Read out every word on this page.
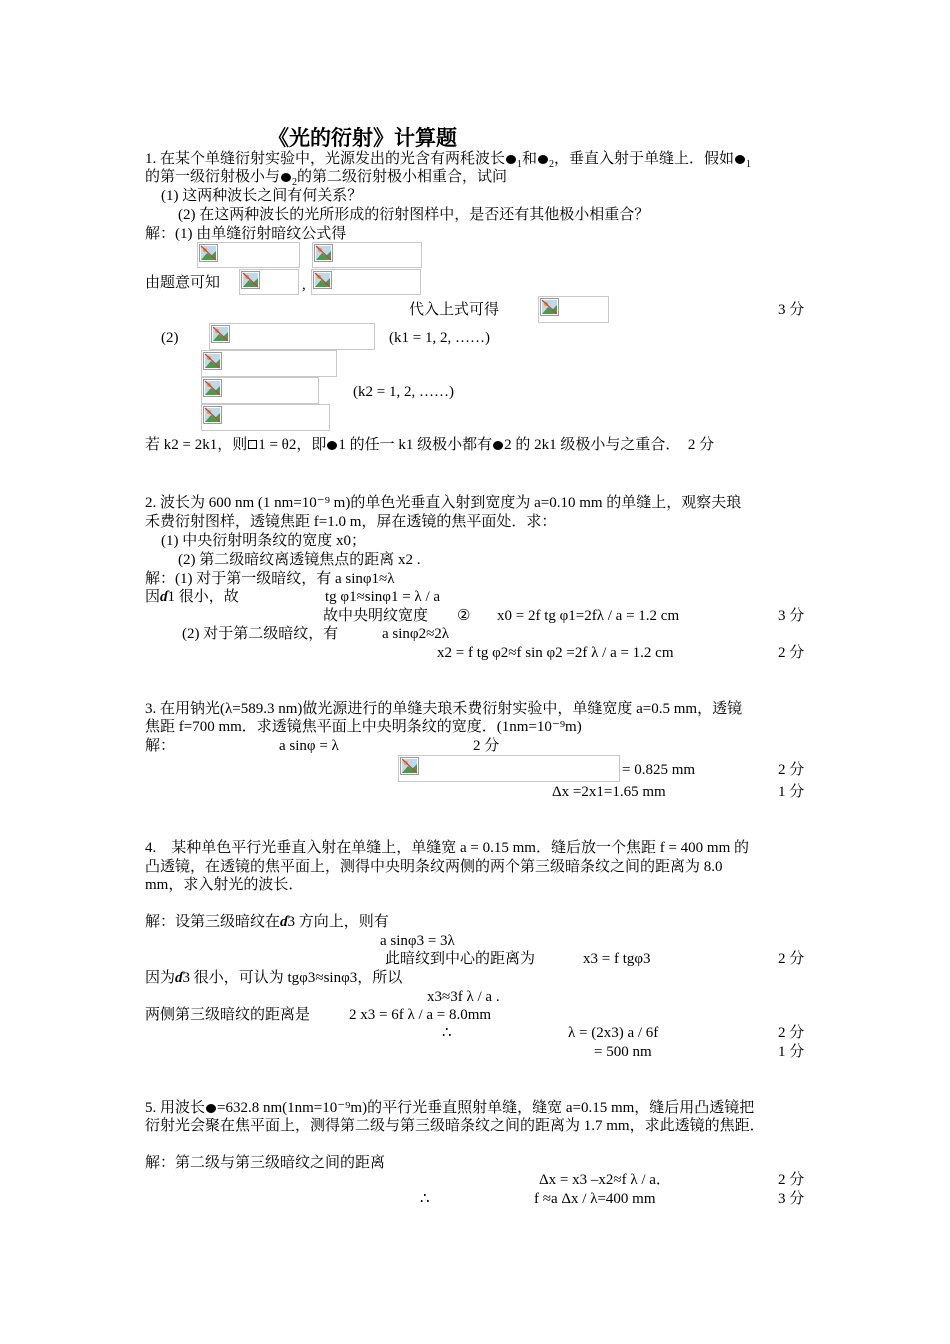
《光的衍射》计算题
1. 在某个单缝衍射实验中，光源发出的光含有两秏波长 $_1$和 $_2$，垂直入射于单缝上．假如 $_1$
的第一级衍射极小与 $_2$的第二级衍射极小相重合，试问
(1) 这两种波长之间有何关系？
(2) 在这两种波长的光所形成的衍射图样中，是否还有其他极小相重合？
解：(1) 由单缝衍射暗纹公式得
由题意可知	,
代入上式可得	3 分
(2)	(k1 = 1, 2, ……)
(k2 = 1, 2, ……)
若 k2 = 2k1，则 1 = θ2，即 1 的任一 k1 级极小都有 2 的 2k1 级极小与之重合． 2 分
2. 波长为 600 nm (1 nm=10⁻⁹ m)的单色光垂直入射到宽度为 a=0.10 mm 的单缝上，观察夫琅
禾费衍射图样，透镜焦距 f=1.0 m，屏在透镜的焦平面处．求：
(1) 中央衍射明条纹的宽度 x0；
(2) 第二级暗纹离透镜焦点的距离 x2 .
解：(1) 对于第一级暗纹，有 a sinφ1≈λ
因ɗ1 很小，故	tg φ1≈sinφ1 = λ / a
故中央明纹宽度 ② x0 = 2f tg φ1=2fλ / a = 1.2 cm	3 分
(2) 对于第二级暗纹，有	a sinφ2≈2λ
x2 = f tg φ2≈f sin φ2 =2f λ / a = 1.2 cm	2 分
3. 在用钠光(λ=589.3 nm)做光源进行的单缝夫琅禾费衍射实验中，单缝宽度 a=0.5 mm，透镜
焦距 f=700 mm．求透镜焦平面上中央明条纹的宽度．(1nm=10⁻⁹m)
解：	a sinφ = λ	2 分
= 0.825 mm	2 分
Δx =2x1=1.65 mm	1 分
4.　某种单色平行光垂直入射在单缝上，单缝宽 a = 0.15 mm．缝后放一个焦距 f = 400 mm 的
凸透镜，在透镜的焦平面上，测得中央明条纹两侧的两个第三级暗条纹之间的距离为 8.0
mm，求入射光的波长．
解：设第三级暗纹在ɗ3 方向上，则有
a sinφ3 = 3λ
此暗纹到中心的距离为	x3 = f tgφ3	2 分
因为ɗ3 很小，可认为 tgφ3≈sinφ3，所以
x3≈3f λ / a .
两侧第三级暗纹的距离是	2 x3 = 6f λ / a = 8.0mm
∴	λ = (2x3) a / 6f	2 分
= 500 nm	1 分
5. 用波长 =632.8 nm(1nm=10⁻⁹m)的平行光垂直照射单缝，缝宽 a=0.15 mm，缝后用凸透镜把
衍射光会聚在焦平面上，测得第二级与第三级暗条纹之间的距离为 1.7 mm，求此透镜的焦距．
解：第二级与第三级暗纹之间的距离
Δx = x3 –x2≈f λ / a．	2 分
∴	f ≈a Δx / λ=400 mm	3 分
